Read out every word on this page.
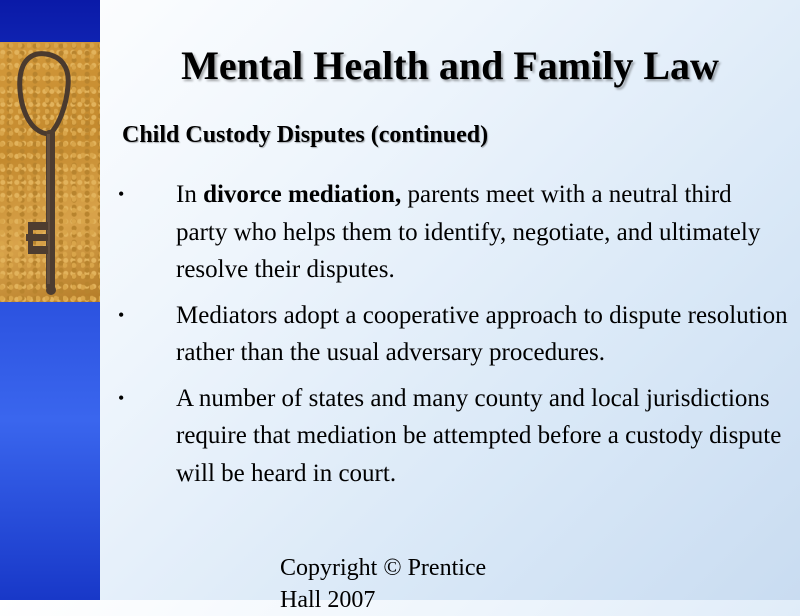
Mental Health and Family Law
Child Custody Disputes (continued)
• In divorce mediation, parents meet with a neutral third party who helps them to identify, negotiate, and ultimately resolve their disputes.
• Mediators adopt a cooperative approach to dispute resolution rather than the usual adversary procedures.
• A number of states and many county and local jurisdictions require that mediation be attempted before a custody dispute will be heard in court.
Copyright © Prentice Hall 2007
